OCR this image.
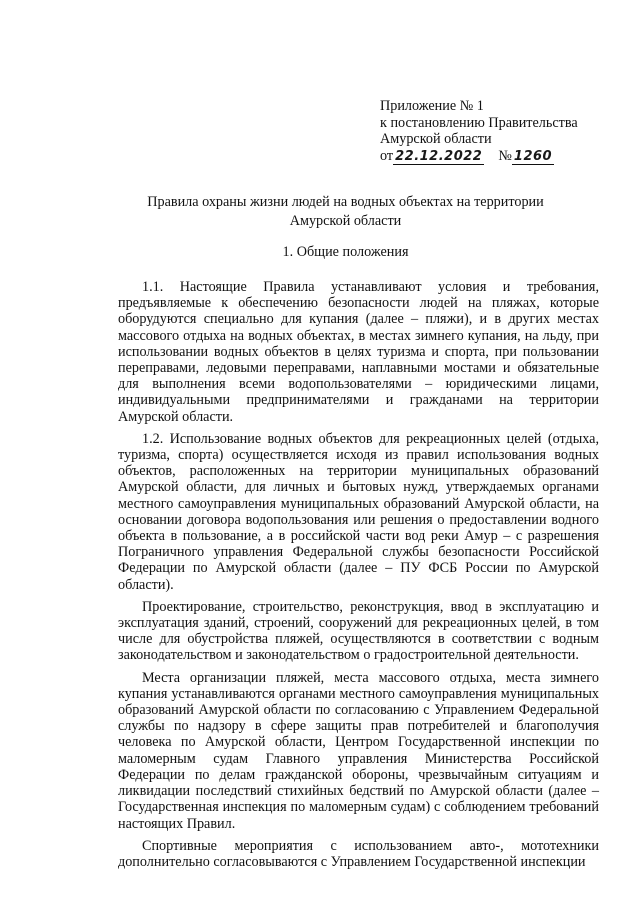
Приложение № 1
к постановлению Правительства
Амурской области
от 22.12.2022 № 1260
Правила охраны жизни людей на водных объектах на территории Амурской области
1. Общие положения

1.1. Настоящие Правила устанавливают условия и требования, предъявляемые к обеспечению безопасности людей на пляжах, которые оборудуются специально для купания (далее – пляжи), и в других местах массового отдыха на водных объектах, в местах зимнего купания, на льду, при использовании водных объектов в целях туризма и спорта, при пользовании переправами, ледовыми переправами, наплавными мостами и обязательные для выполнения всеми водопользователями – юридическими лицами, индивидуальными предпринимателями и гражданами на территории Амурской области.

1.2. Использование водных объектов для рекреационных целей (отдыха, туризма, спорта) осуществляется исходя из правил использования водных объектов, расположенных на территории муниципальных образований Амурской области, для личных и бытовых нужд, утверждаемых органами местного самоуправления муниципальных образований Амурской области, на основании договора водопользования или решения о предоставлении водного объекта в пользование, а в российской части вод реки Амур – с разрешения Пограничного управления Федеральной службы безопасности Российской Федерации по Амурской области (далее – ПУ ФСБ России по Амурской области).

Проектирование, строительство, реконструкция, ввод в эксплуатацию и эксплуатация зданий, строений, сооружений для рекреационных целей, в том числе для обустройства пляжей, осуществляются в соответствии с водным законодательством и законодательством о градостроительной деятельности.

Места организации пляжей, места массового отдыха, места зимнего купания устанавливаются органами местного самоуправления муниципальных образований Амурской области по согласованию с Управлением Федеральной службы по надзору в сфере защиты прав потребителей и благополучия человека по Амурской области, Центром Государственной инспекции по маломерным судам Главного управления Министерства Российской Федерации по делам гражданской обороны, чрезвычайным ситуациям и ликвидации последствий стихийных бедствий по Амурской области (далее – Государственная инспекция по маломерным судам) с соблюдением требований настоящих Правил.

Спортивные мероприятия с использованием авто-, мототехники дополнительно согласовываются с Управлением Государственной инспекции
